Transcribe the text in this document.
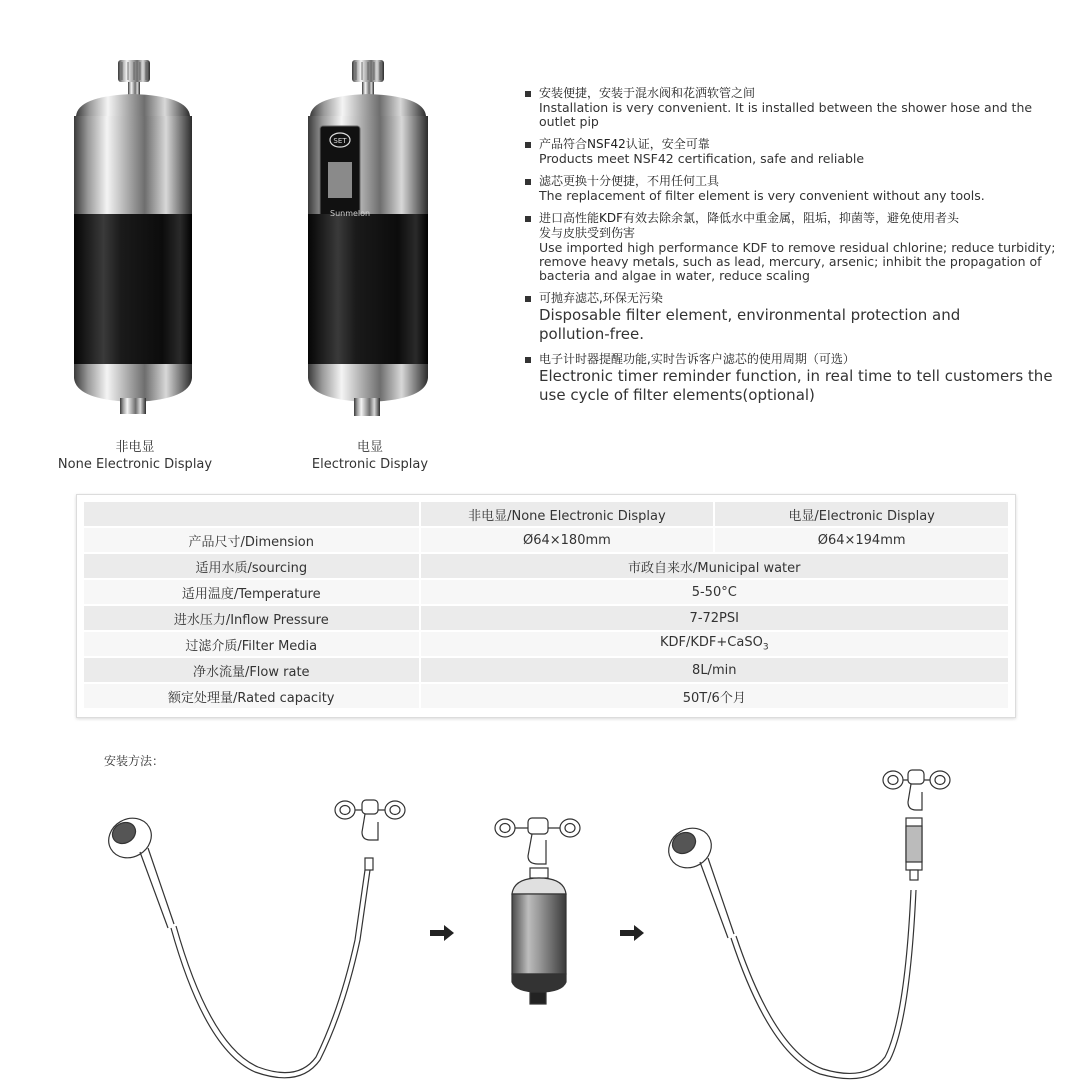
非电显
None Electronic Display
SET
Sunmelon
电显
Electronic Display
安装便捷，安装于混水阀和花洒软管之间
Installation is very convenient. It is installed between the shower hose and the outlet pip
产品符合NSF42认证，安全可靠
Products meet NSF42 certification, safe and reliable
滤芯更换十分便捷，不用任何工具
The replacement of filter element is very convenient without any tools.
进口高性能KDF有效去除余氯，降低水中重金属，阻垢，抑菌等，避免使用者头发与皮肤受到伤害
Use imported high performance KDF to remove residual chlorine; reduce turbidity; remove heavy metals, such as lead, mercury, arsenic; inhibit the propagation of bacteria and algae in water, reduce scaling
可抛弃滤芯,环保无污染
Disposable filter element, environmental protection and pollution-free.
电子计时器提醒功能,实时告诉客户滤芯的使用周期（可选）
Electronic timer reminder function, in real time to tell customers the use cycle of filter elements(optional)
	非电显/None Electronic Display	电显/Electronic Display
产品尺寸/Dimension	Ø64×180mm	Ø64×194mm
适用水质/sourcing	市政自来水/Municipal water	
适用温度/Temperature	5-50°C	
进水压力/Inflow Pressure	7-72PSI	
过滤介质/Filter Media	KDF/KDF+CaSO$_3$
净水流量/Flow rate	8L/min	
额定处理量/Rated capacity	50T/6个月	
安装方法：
